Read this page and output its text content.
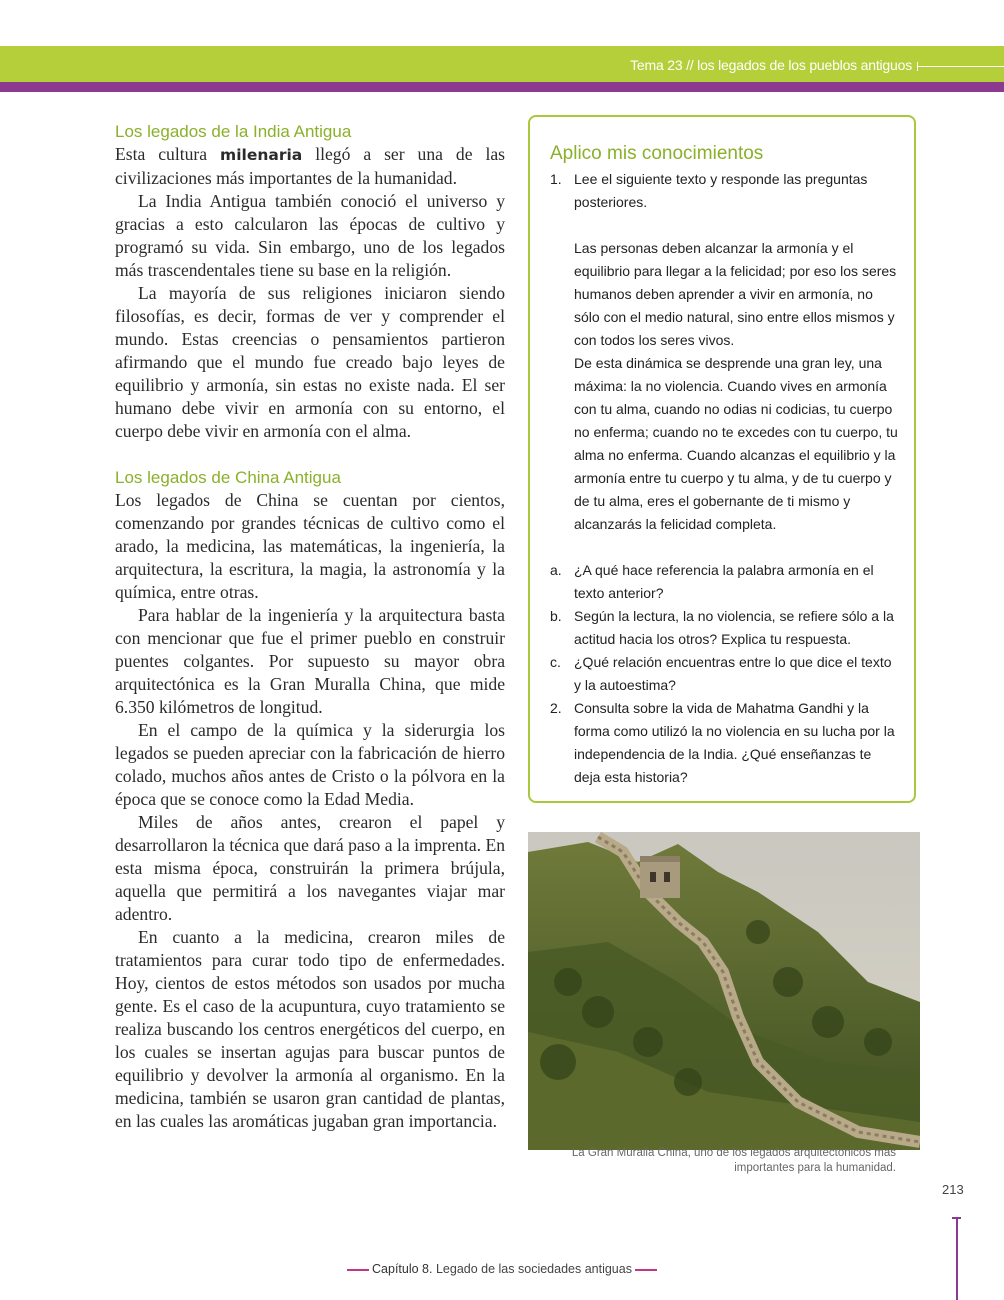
Tema 23 // los legados de los pueblos antiguos
Los legados de la India Antigua

Esta cultura milenaria llegó a ser una de las civilizaciones más importantes de la humanidad.

La India Antigua también conoció el universo y gracias a esto calcularon las épocas de cultivo y programó su vida. Sin embargo, uno de los legados más trascendentales tiene su base en la religión.

La mayoría de sus religiones iniciaron siendo filosofías, es decir, formas de ver y comprender el mundo. Estas creencias o pensamientos partieron afirmando que el mundo fue creado bajo leyes de equilibrio y armonía, sin estas no existe nada. El ser humano debe vivir en armonía con su entorno, el cuerpo debe vivir en armonía con el alma.

Los legados de China Antigua

Los legados de China se cuentan por cientos, comenzando por grandes técnicas de cultivo como el arado, la medicina, las matemáticas, la ingeniería, la arquitectura, la escritura, la magia, la astronomía y la química, entre otras.

Para hablar de la ingeniería y la arquitectura basta con mencionar que fue el primer pueblo en construir puentes colgantes. Por supuesto su mayor obra arquitectónica es la Gran Muralla China, que mide 6.350 kilómetros de longitud.

En el campo de la química y la siderurgia los legados se pueden apreciar con la fabricación de hierro colado, muchos años antes de Cristo o la pólvora en la época que se conoce como la Edad Media.

Miles de años antes, crearon el papel y desarrollaron la técnica que dará paso a la imprenta. En esta misma época, construirán la primera brújula, aquella que permitirá a los navegantes viajar mar adentro.

En cuanto a la medicina, crearon miles de tratamientos para curar todo tipo de enfermedades. Hoy, cientos de estos métodos son usados por mucha gente. Es el caso de la acupuntura, cuyo tratamiento se realiza buscando los centros energéticos del cuerpo, en los cuales se insertan agujas para buscar puntos de equilibrio y devolver la armonía al organismo. En la medicina, también se usaron gran cantidad de plantas, en las cuales las aromáticas jugaban gran importancia.

Aplico mis conocimientos

1. Lee el siguiente texto y responde las preguntas posteriores.

Las personas deben alcanzar la armonía y el equilibrio para llegar a la felicidad; por eso los seres humanos deben aprender a vivir en armonía, no sólo con el medio natural, sino entre ellos mismos y con todos los seres vivos.

De esta dinámica se desprende una gran ley, una máxima: la no violencia. Cuando vives en armonía con tu alma, cuando no odias ni codicias, tu cuerpo no enferma; cuando no te excedes con tu cuerpo, tu alma no enferma. Cuando alcanzas el equilibrio y la armonía entre tu cuerpo y tu alma, y de tu cuerpo y de tu alma, eres el gobernante de ti mismo y alcanzarás la felicidad completa.

a. ¿A qué hace referencia la palabra armonía en el texto anterior?

b. Según la lectura, la no violencia, se refiere sólo a la actitud hacia los otros? Explica tu respuesta.

c. ¿Qué relación encuentras entre lo que dice el texto y la autoestima?

2. Consulta sobre la vida de Mahatma Gandhi y la forma como utilizó la no violencia en su lucha por la independencia de la India. ¿Qué enseñanzas te deja esta historia?

La Gran Muralla China, uno de los legados arquitectónicos más importantes para la humanidad.
213
Capítulo 8. Legado de las sociedades antiguas
